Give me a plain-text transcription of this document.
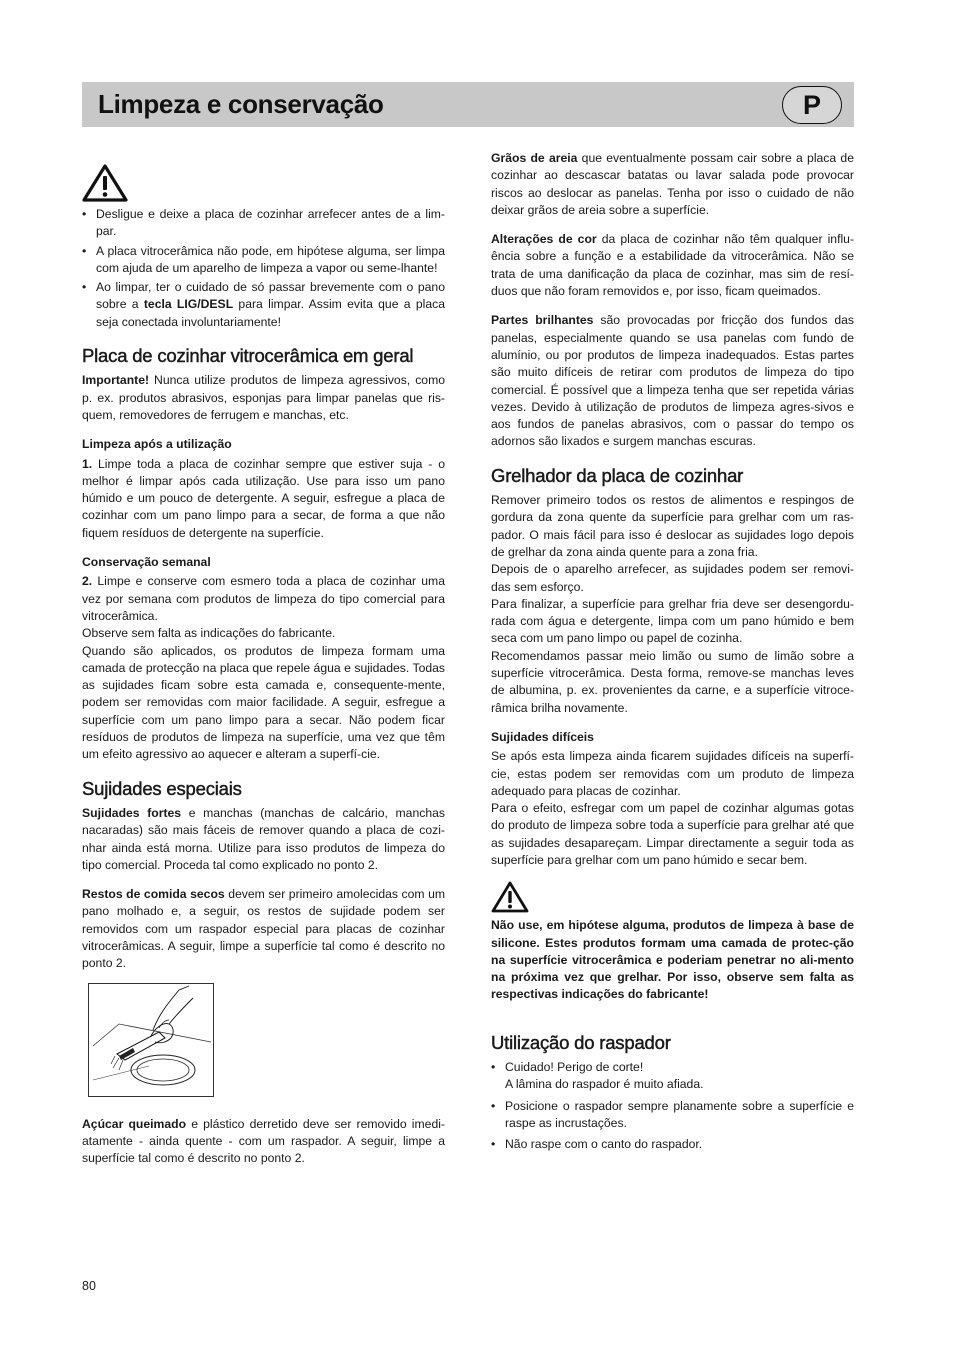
Limpeza e conservação	P
• Desligue e deixe a placa de cozinhar arrefecer antes de a lim-par.
• A placa vitrocerâmica não pode, em hipótese alguma, ser limpa com ajuda de um aparelho de limpeza a vapor ou seme-lhante!
• Ao limpar, ter o cuidado de só passar brevemente com o pano sobre a tecla LIG/DESL para limpar. Assim evita que a placa seja conectada involuntariamente!
Placa de cozinhar vitrocerâmica em geral

Importante! Nunca utilize produtos de limpeza agressivos, como p. ex. produtos abrasivos, esponjas para limpar panelas que ris-quem, removedores de ferrugem e manchas, etc.

Limpeza após a utilização

1. Limpe toda a placa de cozinhar sempre que estiver suja - o melhor é limpar após cada utilização. Use para isso um pano húmido e um pouco de detergente. A seguir, esfregue a placa de cozinhar com um pano limpo para a secar, de forma a que não fiquem resíduos de detergente na superfície.

Conservação semanal

2. Limpe e conserve com esmero toda a placa de cozinhar uma vez por semana com produtos de limpeza do tipo comercial para vitrocerâmica.

Observe sem falta as indicações do fabricante.

Quando são aplicados, os produtos de limpeza formam uma camada de protecção na placa que repele água e sujidades. Todas as sujidades ficam sobre esta camada e, consequente-mente, podem ser removidas com maior facilidade. A seguir, esfregue a superfície com um pano limpo para a secar. Não podem ficar resíduos de produtos de limpeza na superfície, uma vez que têm um efeito agressivo ao aquecer e alteram a superfí-cie.

Sujidades especiais

Sujidades fortes e manchas (manchas de calcário, manchas nacaradas) são mais fáceis de remover quando a placa de cozi-nhar ainda está morna. Utilize para isso produtos de limpeza do tipo comercial. Proceda tal como explicado no ponto 2.

Restos de comida secos devem ser primeiro amolecidas com um pano molhado e, a seguir, os restos de sujidade podem ser removidos com um raspador especial para placas de cozinhar vitrocerâmicas. A seguir, limpe a superfície tal como é descrito no ponto 2.

Açúcar queimado e plástico derretido deve ser removido imedi-atamente - ainda quente - com um raspador. A seguir, limpe a superfície tal como é descrito no ponto 2.

Grãos de areia que eventualmente possam cair sobre a placa de cozinhar ao descascar batatas ou lavar salada pode provocar riscos ao deslocar as panelas. Tenha por isso o cuidado de não deixar grãos de areia sobre a superfície.

Alterações de cor da placa de cozinhar não têm qualquer influ-ência sobre a função e a estabilidade da vitrocerâmica. Não se trata de uma danificação da placa de cozinhar, mas sim de resí-duos que não foram removidos e, por isso, ficam queimados.

Partes brilhantes são provocadas por fricção dos fundos das panelas, especialmente quando se usa panelas com fundo de alumínio, ou por produtos de limpeza inadequados. Estas partes são muito difíceis de retirar com produtos de limpeza do tipo comercial. É possível que a limpeza tenha que ser repetida várias vezes. Devido à utilização de produtos de limpeza agres-sivos e aos fundos de panelas abrasivos, com o passar do tempo os adornos são lixados e surgem manchas escuras.

Grelhador da placa de cozinhar

Remover primeiro todos os restos de alimentos e respingos de gordura da zona quente da superfície para grelhar com um ras-pador. O mais fácil para isso é deslocar as sujidades logo depois de grelhar da zona ainda quente para a zona fria.

Depois de o aparelho arrefecer, as sujidades podem ser removi-das sem esforço.

Para finalizar, a superfície para grelhar fria deve ser desengordu-rada com água e detergente, limpa com um pano húmido e bem seca com um pano limpo ou papel de cozinha.

Recomendamos passar meio limão ou sumo de limão sobre a superfície vitrocerâmica. Desta forma, remove-se manchas leves de albumina, p. ex. provenientes da carne, e a superfície vitroce-râmica brilha novamente.

Sujidades difíceis

Se após esta limpeza ainda ficarem sujidades difíceis na superfí-cie, estas podem ser removidas com um produto de limpeza adequado para placas de cozinhar.

Para o efeito, esfregar com um papel de cozinhar algumas gotas do produto de limpeza sobre toda a superfície para grelhar até que as sujidades desapareçam. Limpar directamente a seguir toda as superfície para grelhar com um pano húmido e secar bem.

Não use, em hipótese alguma, produtos de limpeza à base de silicone. Estes produtos formam uma camada de protec-ção na superfície vitrocerâmica e poderiam penetrar no ali-mento na próxima vez que grelhar. Por isso, observe sem falta as respectivas indicações do fabricante!

Utilização do raspador
• Cuidado! Perigo de corte!
A lâmina do raspador é muito afiada.
• Posicione o raspador sempre planamente sobre a superfície e raspe as incrustações.
• Não raspe com o canto do raspador.
80
